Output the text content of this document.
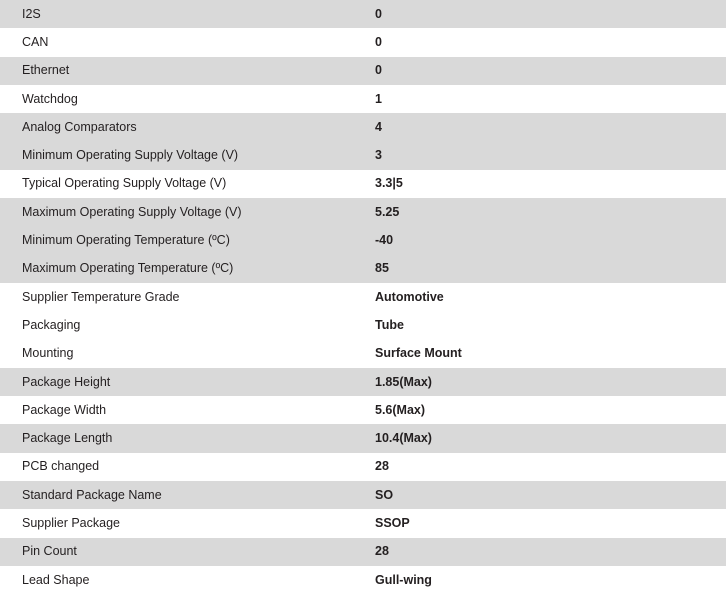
I2S	0
CAN	0
Ethernet	0
Watchdog	1
Analog Comparators	4
Minimum Operating Supply Voltage (V)	3
Typical Operating Supply Voltage (V)	3.3|5
Maximum Operating Supply Voltage (V)	5.25
Minimum Operating Temperature (ºC)	-40
Maximum Operating Temperature (ºC)	85
Supplier Temperature Grade	Automotive
Packaging	Tube
Mounting	Surface Mount
Package Height	1.85(Max)
Package Width	5.6(Max)
Package Length	10.4(Max)
PCB changed	28
Standard Package Name	SO
Supplier Package	SSOP
Pin Count	28
Lead Shape	Gull-wing
